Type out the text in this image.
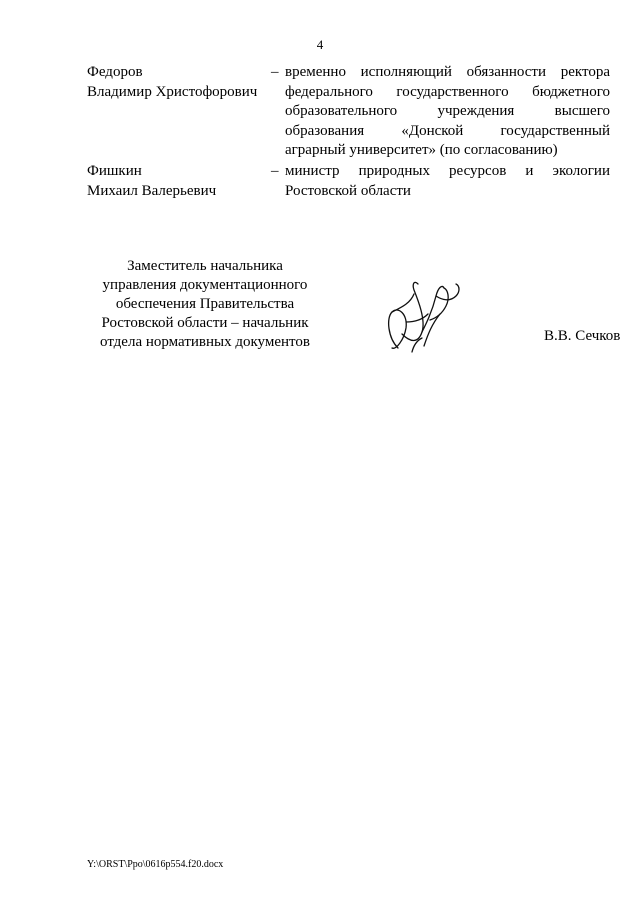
4
Федоров
Владимир Христофорович
– временно исполняющий обязанности ректора
федерального государственного бюджетного
образовательного учреждения высшего
образования «Донской государственный
аграрный университет» (по согласованию)
Фишкин
Михаил Валерьевич
– министр природных ресурсов и экологии
Ростовской области
Заместитель начальника
управления документационного
обеспечения Правительства
Ростовской области – начальник
отдела нормативных документов	В.В. Сечков
Y:\ORST\Ppo\0616p554.f20.docx
